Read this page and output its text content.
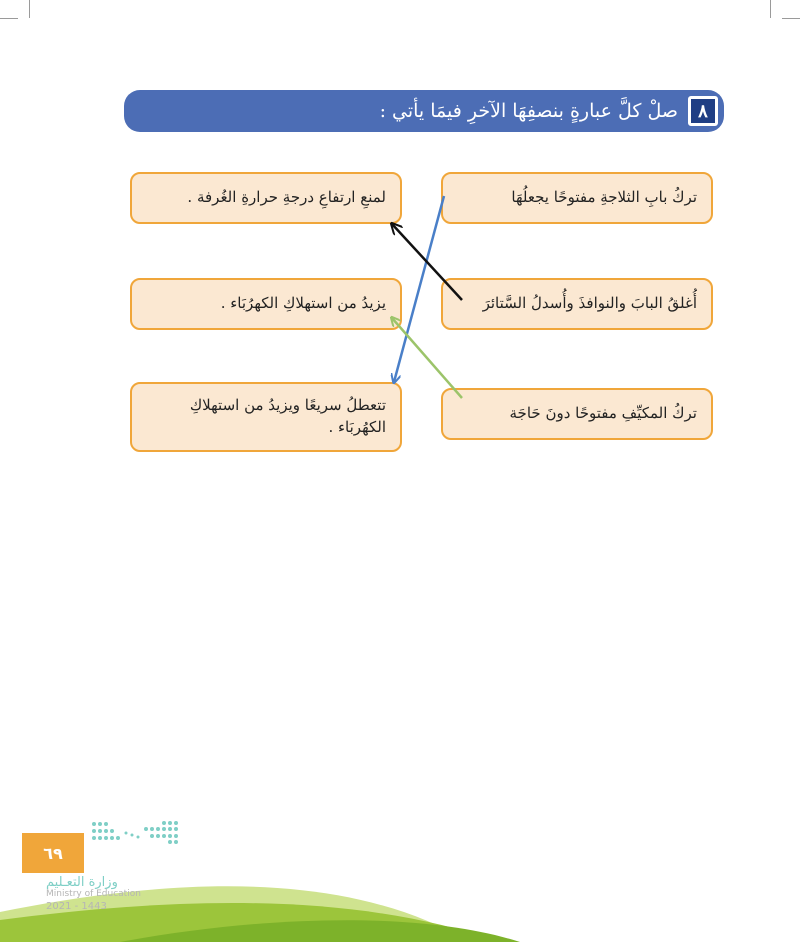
٨
صلْ كلَّ عبارةٍ بنصفِهَا الآخرِ فيمَا يأتي :
تركُ بابِ الثلاجةِ مفتوحًا يجعلُهَا
أُغلقُ البابَ والنوافذَ وأُسدلُ السَّتائرَ
تركُ المكيِّفِ مفتوحًا دونَ حَاجَة
لمنعِ ارتفاعِ درجةِ حرارةِ الغُرفة .
يزيدُ من استهلاكِ الكهرُبَاء .
تتعطلُ سريعًا ويزيدُ من استهلاكِ الكهُربَاء .
٦٩
وزارة التعـليم
Ministry of Education
2021 - 1443
